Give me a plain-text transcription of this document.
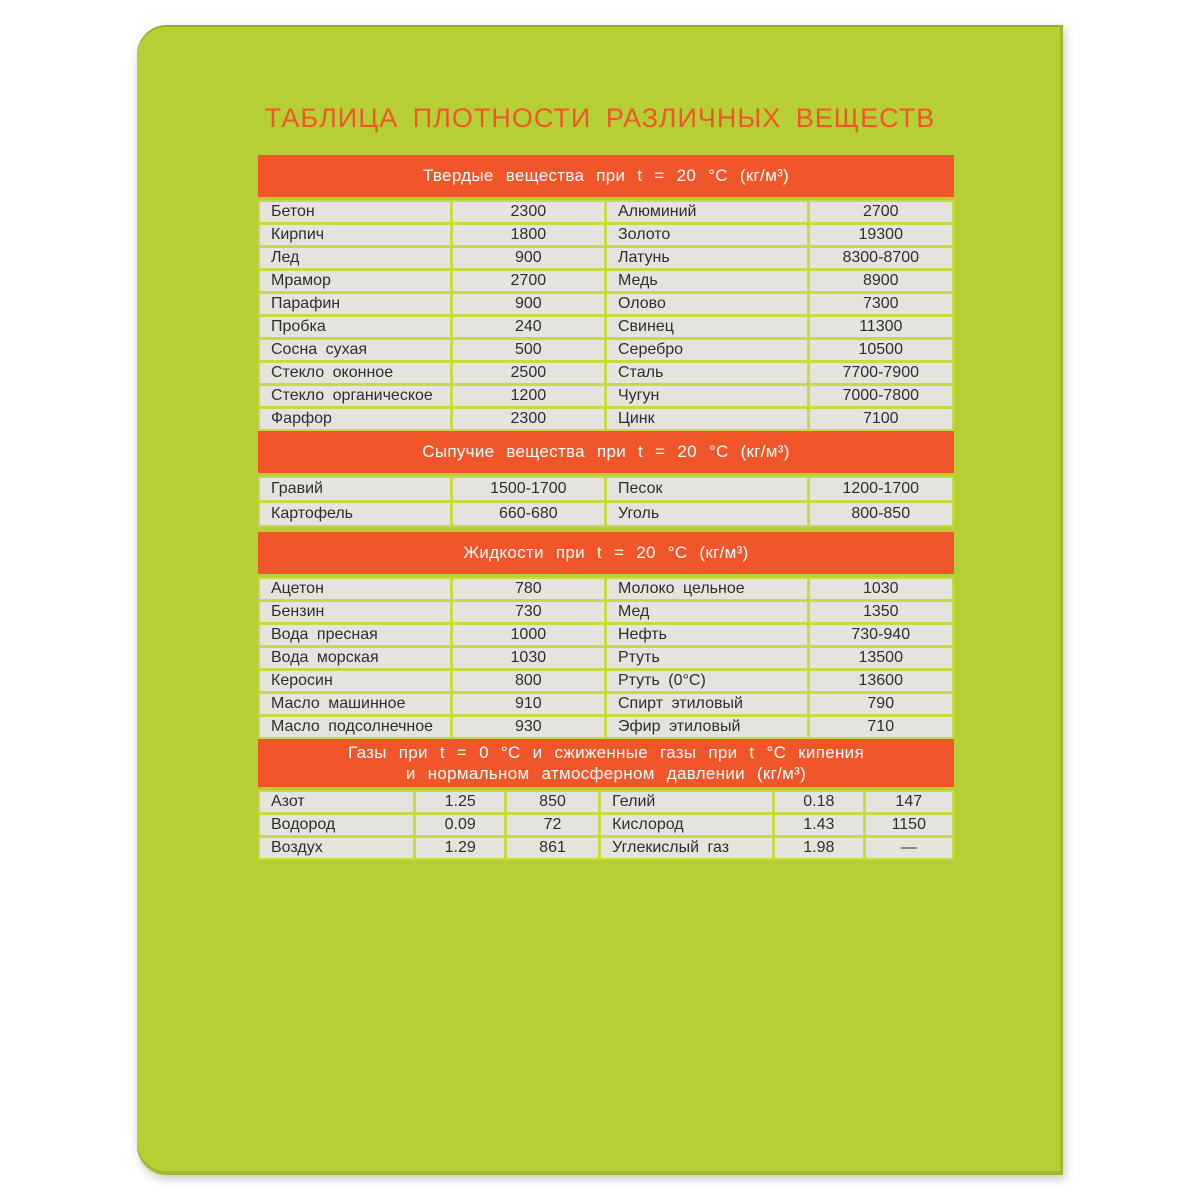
ТАБЛИЦА ПЛОТНОСТИ РАЗЛИЧНЫХ ВЕЩЕСТВ
Твердые вещества при t = 20 °C (кг/м³)
Бетон	2300	Алюминий	2700
Кирпич	1800	Золото	19300
Лед	900	Латунь	8300-8700
Мрамор	2700	Медь	8900
Парафин	900	Олово	7300
Пробка	240	Свинец	11300
Сосна сухая	500	Серебро	10500
Стекло оконное	2500	Сталь	7700-7900
Стекло органическое	1200	Чугун	7000-7800
Фарфор	2300	Цинк	7100
Сыпучие вещества при t = 20 °C (кг/м³)
Гравий	1500-1700	Песок	1200-1700
Картофель	660-680	Уголь	800-850
Жидкости при t = 20 °C (кг/м³)
Ацетон	780	Молоко цельное	1030
Бензин	730	Мед	1350
Вода пресная	1000	Нефть	730-940
Вода морская	1030	Ртуть	13500
Керосин	800	Ртуть (0°C)	13600
Масло машинное	910	Спирт этиловый	790
Масло подсолнечное	930	Эфир этиловый	710
Газы при t = 0 °C и сжиженные газы при t °C кипения
и нормальном атмосферном давлении (кг/м³)
Азот	1.25	850	Гелий	0.18	147
Водород	0.09	72	Кислород	1.43	1150
Воздух	1.29	861	Углекислый газ	1.98	—
